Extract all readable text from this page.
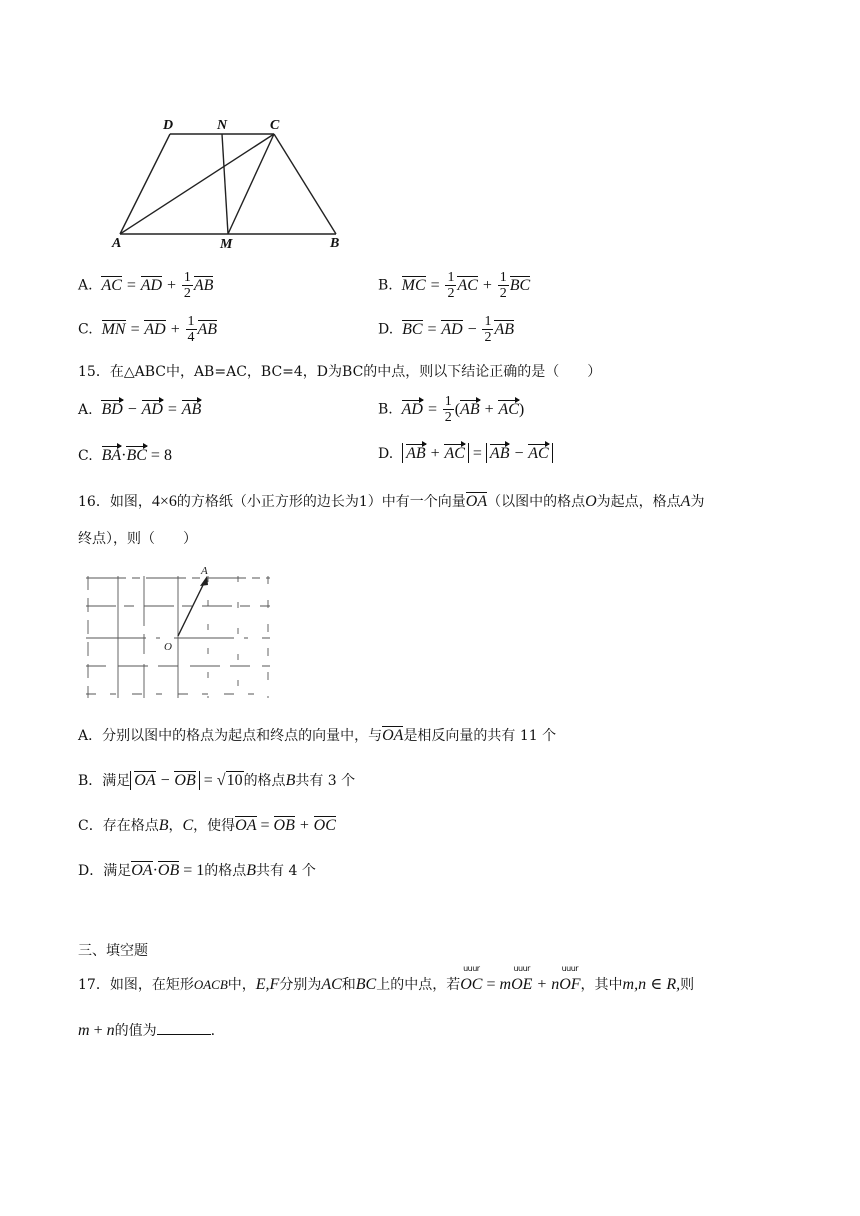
D	N	C
A	M	B
A. AC = AD + $\frac{1}{2}$ AB	B. MC = $\frac{1}{2}$ AC + $\frac{1}{2}$ BC
C. MN = AD + $\frac{1}{4}$ AB	D. BC = AD − $\frac{1}{2}$ AB
15．在△ABC中，AB=AC，BC=4，D为BC的中点，则以下结论正确的是（　　）
A. BD − AD = AB	B. AD = $\frac{1}{2} (AB + AC)$
C. BA·BC = 8	D. AB + AC = AB − AC
16．如图，4×6的方格纸（小正方形的边长为1）中有一个向量OA（以图中的格点O为起点，格点A为
终点），则（　　）
A
O
A．分别以图中的格点为起点和终点的向量中，与OA是相反向量的共有 11 个
B．满足 OA − OB = √10的格点B共有 3 个
C．存在格点B，C，使得OA = OB + OC
D．满足OA·OB = 1的格点B共有 4 个
三、填空题
17．如图，在矩形OACB中，E,F分别为AC和BC上的中点，若
uuur
OC = m
uuur
OE + n
uuur
OF，其中m,n ∈ R,则
m + n的值为	.
